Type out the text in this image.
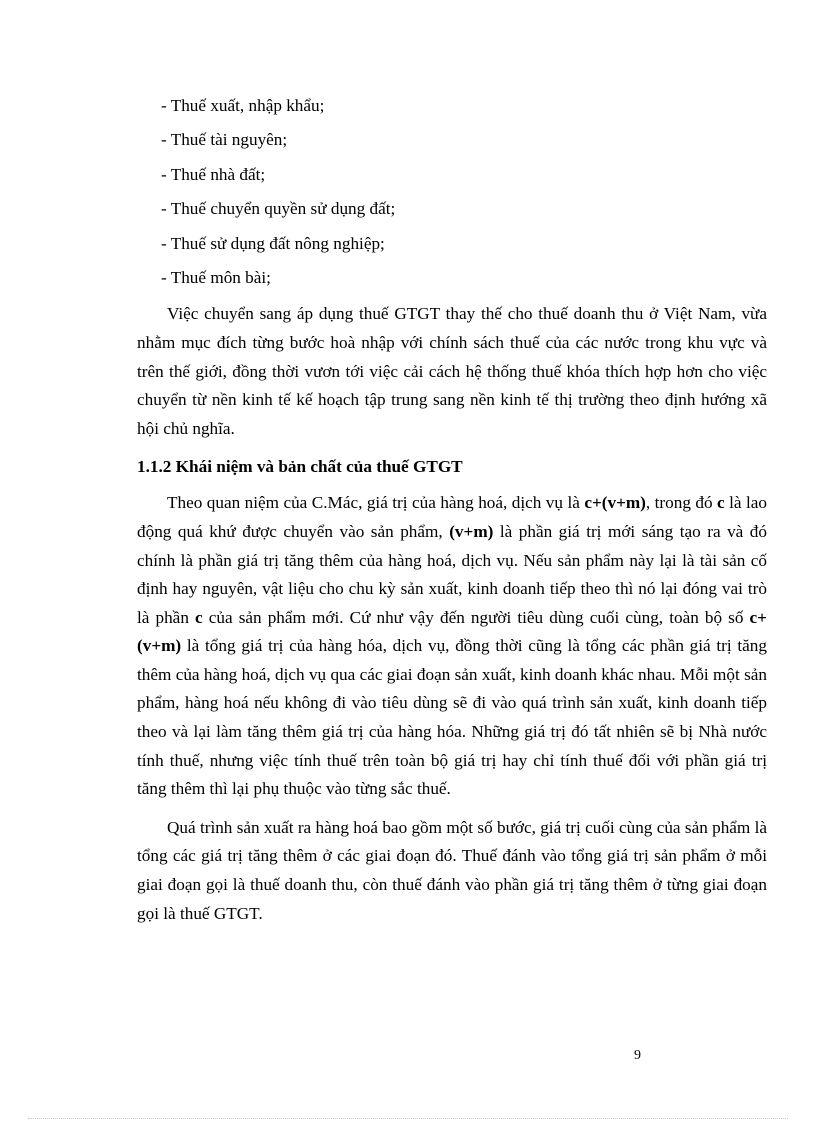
- Thuế xuất, nhập khẩu;
- Thuế tài nguyên;
- Thuế nhà đất;
- Thuế chuyển quyền sử dụng đất;
- Thuế sử dụng đất nông nghiệp;
- Thuế môn bài;

Việc chuyển sang áp dụng thuế GTGT thay thế cho thuế doanh thu ở Việt Nam, vừa nhằm mục đích từng bước hoà nhập với chính sách thuế của các nước trong khu vực và trên thế giới, đồng thời vươn tới việc cải cách hệ thống thuế khóa thích hợp hơn cho việc chuyển từ nền kinh tế kế hoạch tập trung sang nền kinh tế thị trường theo định hướng xã hội chủ nghĩa.

1.1.2 Khái niệm và bản chất của thuế GTGT

Theo quan niệm của C.Mác, giá trị của hàng hoá, dịch vụ là c+(v+m), trong đó c là lao động quá khứ được chuyển vào sản phẩm, (v+m) là phần giá trị mới sáng tạo ra và đó chính là phần giá trị tăng thêm của hàng hoá, dịch vụ. Nếu sản phẩm này lại là tài sản cố định hay nguyên, vật liệu cho chu kỳ sản xuất, kinh doanh tiếp theo thì nó lại đóng vai trò là phần c của sản phẩm mới. Cứ như vậy đến người tiêu dùng cuối cùng, toàn bộ số c+(v+m) là tổng giá trị của hàng hóa, dịch vụ, đồng thời cũng là tổng các phần giá trị tăng thêm của hàng hoá, dịch vụ qua các giai đoạn sản xuất, kinh doanh khác nhau. Mỗi một sản phẩm, hàng hoá nếu không đi vào tiêu dùng sẽ đi vào quá trình sản xuất, kinh doanh tiếp theo và lại làm tăng thêm giá trị của hàng hóa. Những giá trị đó tất nhiên sẽ bị Nhà nước tính thuế, nhưng việc tính thuế trên toàn bộ giá trị hay chỉ tính thuế đối với phần giá trị tăng thêm thì lại phụ thuộc vào từng sắc thuế.

Quá trình sản xuất ra hàng hoá bao gồm một số bước, giá trị cuối cùng của sản phẩm là tổng các giá trị tăng thêm ở các giai đoạn đó. Thuế đánh vào tổng giá trị sản phẩm ở mỗi giai đoạn gọi là thuế doanh thu, còn thuế đánh vào phần giá trị tăng thêm ở từng giai đoạn gọi là thuế GTGT.

9
